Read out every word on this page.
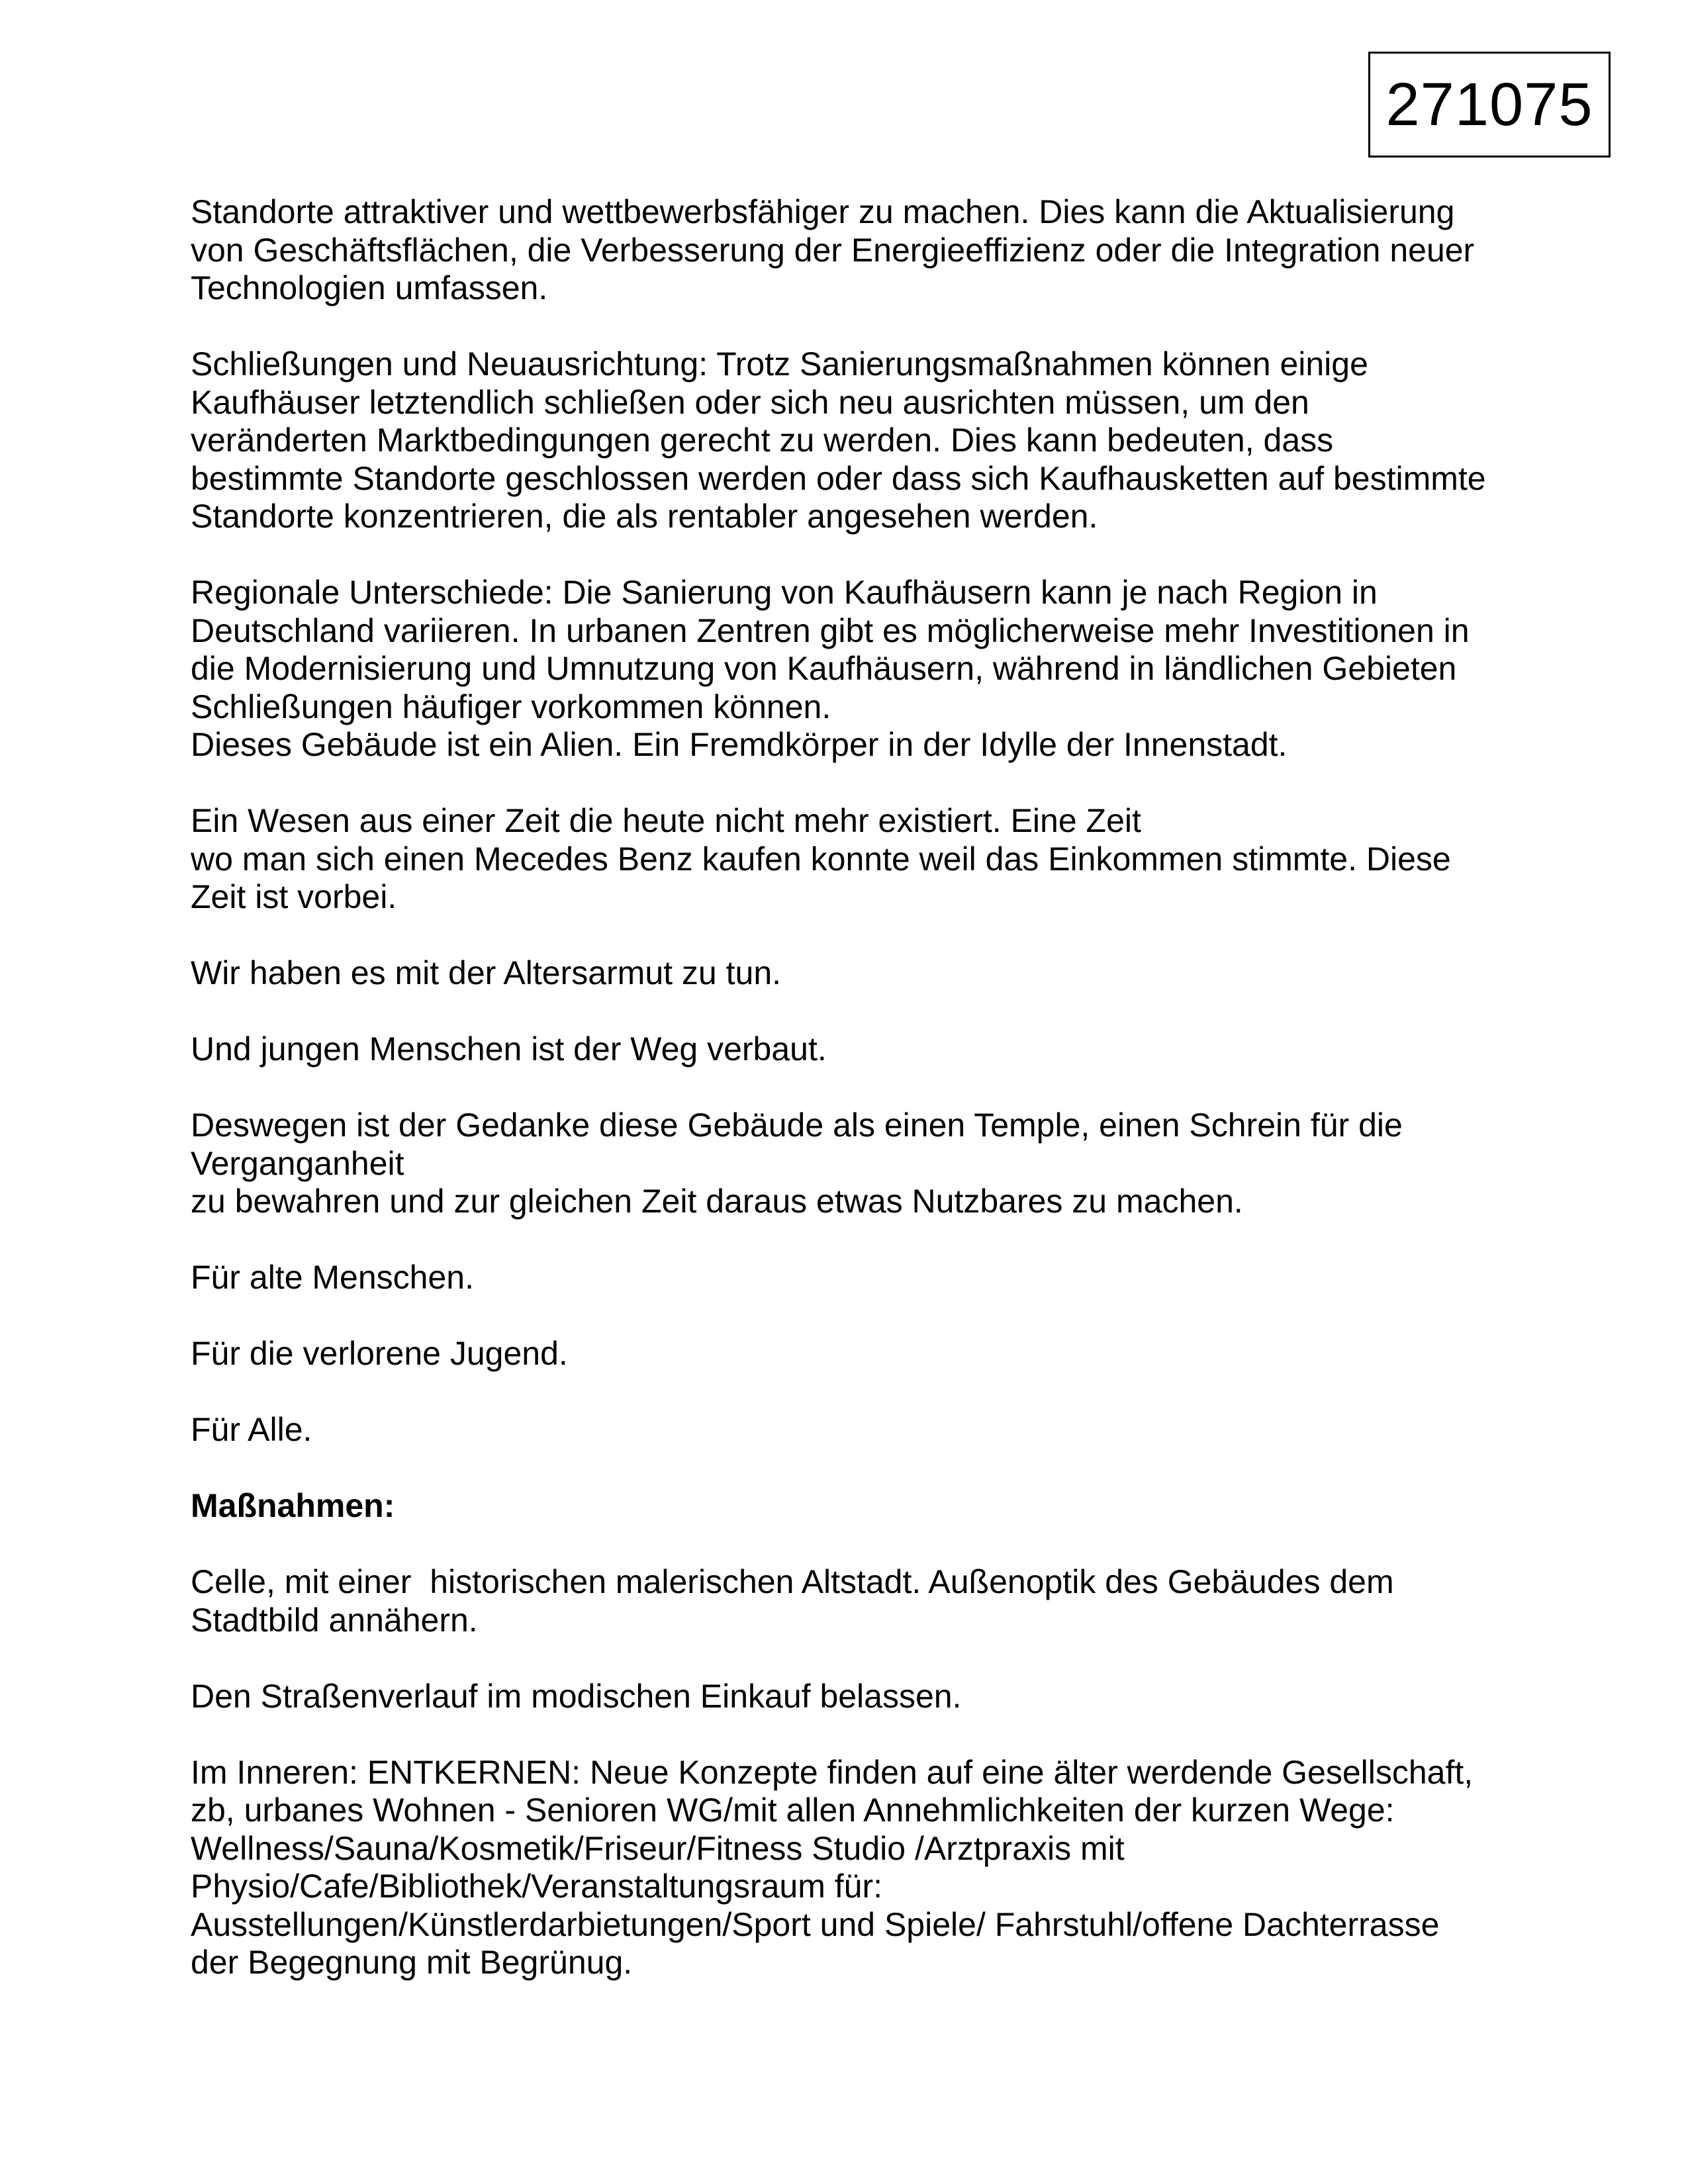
271075
Standorte attraktiver und wettbewerbsfähiger zu machen. Dies kann die Aktualisierung
von Geschäftsflächen, die Verbesserung der Energieeffizienz oder die Integration neuer
Technologien umfassen.
Schließungen und Neuausrichtung: Trotz Sanierungsmaßnahmen können einige
Kaufhäuser letztendlich schließen oder sich neu ausrichten müssen, um den
veränderten Marktbedingungen gerecht zu werden. Dies kann bedeuten, dass
bestimmte Standorte geschlossen werden oder dass sich Kaufhausketten auf bestimmte
Standorte konzentrieren, die als rentabler angesehen werden.
Regionale Unterschiede: Die Sanierung von Kaufhäusern kann je nach Region in
Deutschland variieren. In urbanen Zentren gibt es möglicherweise mehr Investitionen in
die Modernisierung und Umnutzung von Kaufhäusern, während in ländlichen Gebieten
Schließungen häufiger vorkommen können.
Dieses Gebäude ist ein Alien. Ein Fremdkörper in der Idylle der Innenstadt.
Ein Wesen aus einer Zeit die heute nicht mehr existiert. Eine Zeit
wo man sich einen Mecedes Benz kaufen konnte weil das Einkommen stimmte. Diese
Zeit ist vorbei.
Wir haben es mit der Altersarmut zu tun.
Und jungen Menschen ist der Weg verbaut.
Deswegen ist der Gedanke diese Gebäude als einen Temple, einen Schrein für die
Verganganheit
zu bewahren und zur gleichen Zeit daraus etwas Nutzbares zu machen.
Für alte Menschen.
Für die verlorene Jugend.
Für Alle.
Maßnahmen:
Celle, mit einer  historischen malerischen Altstadt. Außenoptik des Gebäudes dem
Stadtbild annähern.
Den Straßenverlauf im modischen Einkauf belassen.
Im Inneren: ENTKERNEN: Neue Konzepte finden auf eine älter werdende Gesellschaft,
zb, urbanes Wohnen - Senioren WG/mit allen Annehmlichkeiten der kurzen Wege:
Wellness/Sauna/Kosmetik/Friseur/Fitness Studio /Arztpraxis mit
Physio/Cafe/Bibliothek/Veranstaltungsraum für:
Ausstellungen/Künstlerdarbietungen/Sport und Spiele/ Fahrstuhl/offene Dachterrasse
der Begegnung mit Begrünug.
